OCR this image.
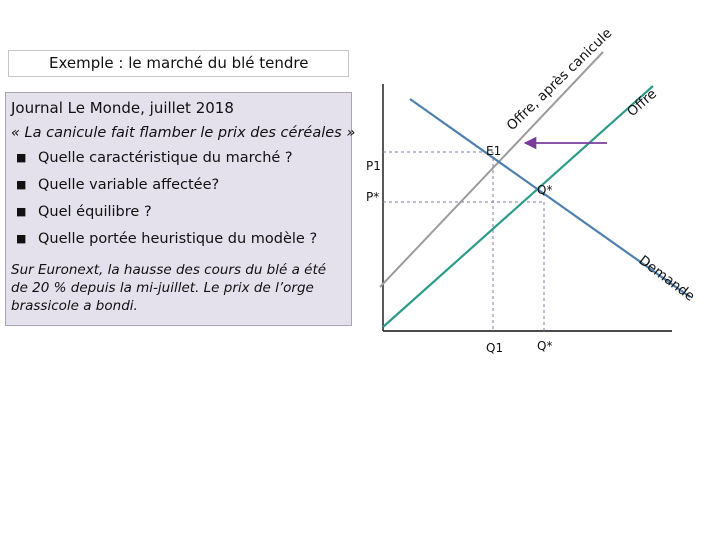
Exemple : le marché du blé tendre
Journal Le Monde, juillet 2018
« La canicule fait flamber le prix des céréales »
■ Quelle caractéristique du marché ?
■ Quelle variable affectée?
■ Quel équilibre ?
■ Quelle portée heuristique du modèle ?
Sur Euronext, la hausse des cours du blé a été de 20 % depuis la mi-juillet. Le prix de l’orge brassicole a bondi.
P1
P*
Q1	Q*
E1
Q*
Offre, après canicule Offre
Demande
